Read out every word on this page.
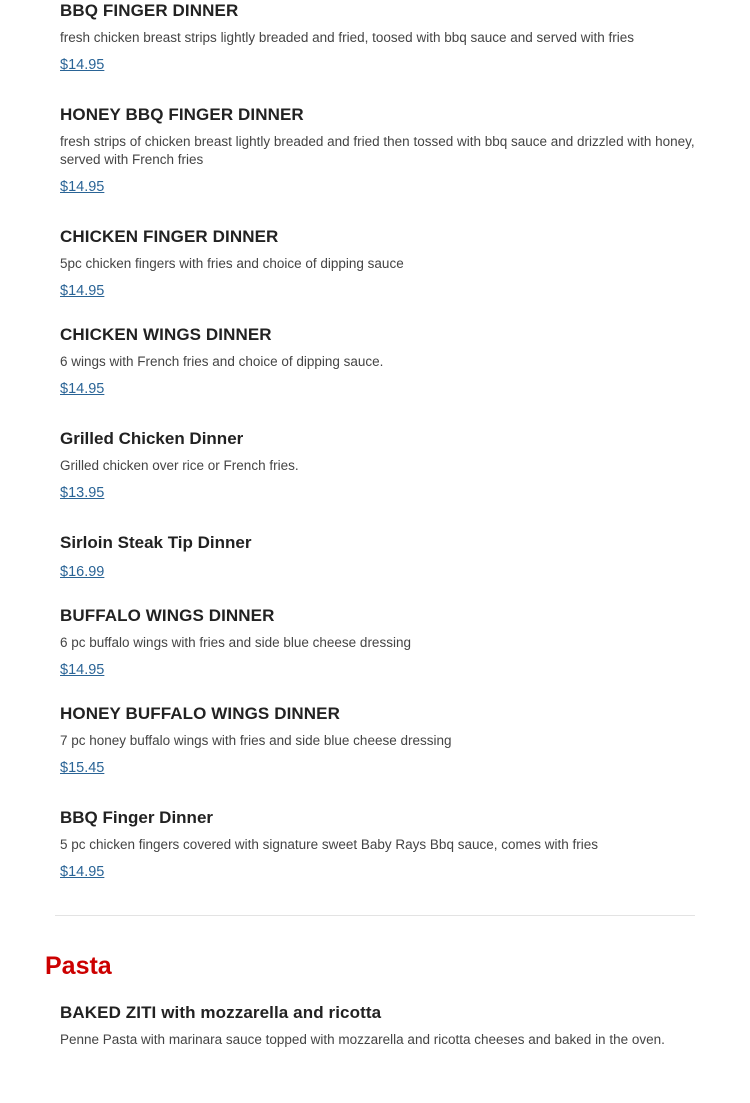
BBQ FINGER DINNER
fresh chicken breast strips lightly breaded and fried, toosed with bbq sauce and served with fries
$14.95
HONEY BBQ FINGER DINNER
fresh strips of chicken breast lightly breaded and fried then tossed with bbq sauce and drizzled with honey, served with French fries
$14.95
CHICKEN FINGER DINNER
5pc chicken fingers with fries and choice of dipping sauce
$14.95
CHICKEN WINGS DINNER
6 wings with French fries and choice of dipping sauce.
$14.95
Grilled Chicken Dinner
Grilled chicken over rice or French fries.
$13.95
Sirloin Steak Tip Dinner
$16.99
BUFFALO WINGS DINNER
6 pc buffalo wings with fries and side blue cheese dressing
$14.95
HONEY BUFFALO WINGS DINNER
7 pc honey buffalo wings with fries and side blue cheese dressing
$15.45
BBQ Finger Dinner
5 pc chicken fingers covered with signature sweet Baby Rays Bbq sauce, comes with fries
$14.95
Pasta
BAKED ZITI with mozzarella and ricotta
Penne Pasta with marinara sauce topped with mozzarella and ricotta cheeses and baked in the oven.
